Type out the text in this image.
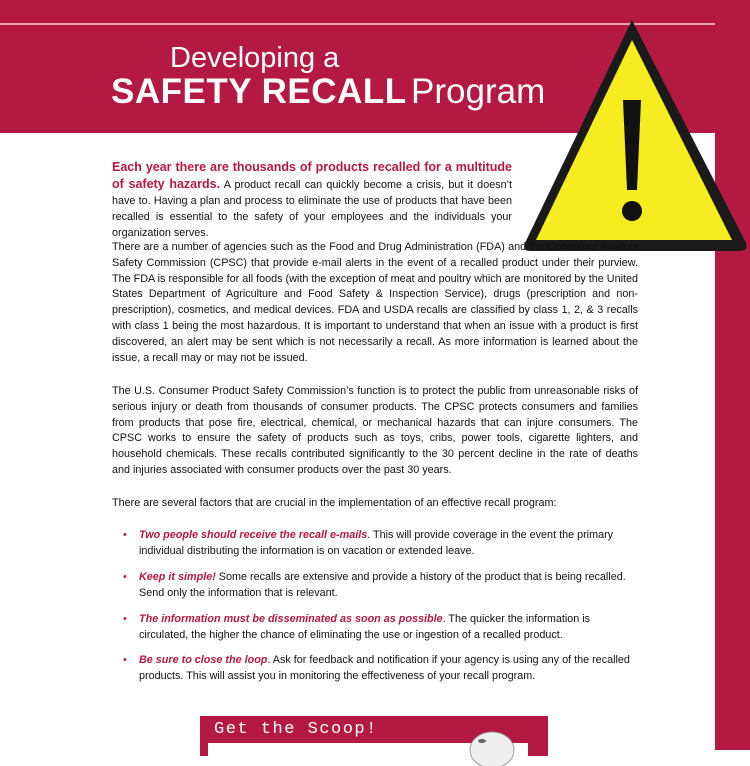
Developing a
SAFETY RECALL Program

Each year there are thousands of products recalled for a multitude of safety hazards. A product recall can quickly become a crisis, but it doesn’t have to. Having a plan and process to eliminate the use of products that have been recalled is essential to the safety of your employees and the individuals your organization serves.

There are a number of agencies such as the Food and Drug Administration (FDA) and the Consumer Product Safety Commission (CPSC) that provide e-mail alerts in the event of a recalled product under their purview. The FDA is responsible for all foods (with the exception of meat and poultry which are monitored by the United States Department of Agriculture and Food Safety & Inspection Service), drugs (prescription and non-prescription), cosmetics, and medical devices. FDA and USDA recalls are classified by class 1, 2, & 3 recalls with class 1 being the most hazardous. It is important to understand that when an issue with a product is first discovered, an alert may be sent which is not necessarily a recall. As more information is learned about the issue, a recall may or may not be issued.

The U.S. Consumer Product Safety Commission’s function is to protect the public from unreasonable risks of serious injury or death from thousands of consumer products. The CPSC protects consumers and families from products that pose fire, electrical, chemical, or mechanical hazards that can injure consumers. The CPSC works to ensure the safety of products such as toys, cribs, power tools, cigarette lighters, and household chemicals. These recalls contributed significantly to the 30 percent decline in the rate of deaths and injuries associated with consumer products over the past 30 years.

There are several factors that are crucial in the implementation of an effective recall program:

• Two people should receive the recall e-mails. This will provide coverage in the event the primary individual distributing the information is on vacation or extended leave.
• Keep it simple! Some recalls are extensive and provide a history of the product that is being recalled. Send only the information that is relevant.
• The information must be disseminated as soon as possible. The quicker the information is circulated, the higher the chance of eliminating the use or ingestion of a recalled product.
• Be sure to close the loop. Ask for feedback and notification if your agency is using any of the recalled products. This will assist you in monitoring the effectiveness of your recall program.
Get the Scoop!
